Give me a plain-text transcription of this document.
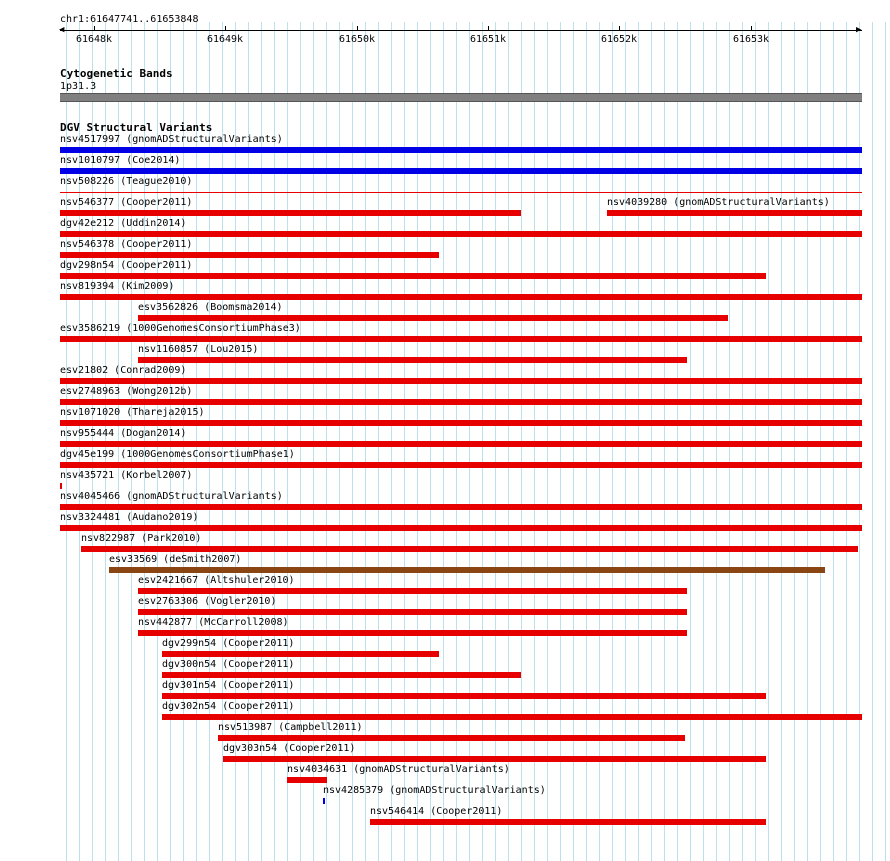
chr1:61647741..61653848
▶
61648k	61649k	61650k	61651k	61652k	61653k
Cytogenetic Bands
1p31.3
DGV Structural Variants
nsv4517997 (gnomADStructuralVariants)
nsv1010797 (Coe2014)
nsv508226 (Teague2010)
nsv546377 (Cooper2011)	nsv4039280 (gnomADStructuralVariants)
dgv42e212 (Uddin2014)
nsv546378 (Cooper2011)
dgv298n54 (Cooper2011)
nsv819394 (Kim2009)
esv3562826 (Boomsma2014)
esv3586219 (1000GenomesConsortiumPhase3)
nsv1160857 (Lou2015)
esv21802 (Conrad2009)
esv2748963 (Wong2012b)
nsv1071020 (Thareja2015)
nsv955444 (Dogan2014)
dgv45e199 (1000GenomesConsortiumPhase1)
nsv435721 (Korbel2007)
nsv4045466 (gnomADStructuralVariants)
nsv3324481 (Audano2019)
nsv822987 (Park2010)
esv33569 (deSmith2007)
esv2421667 (Altshuler2010)
esv2763306 (Vogler2010)
nsv442877 (McCarroll2008)
dgv299n54 (Cooper2011)
dgv300n54 (Cooper2011)
dgv301n54 (Cooper2011)
dgv302n54 (Cooper2011)
nsv513987 (Campbell2011)
dgv303n54 (Cooper2011)
nsv4034631 (gnomADStructuralVariants)
nsv4285379 (gnomADStructuralVariants)
nsv546414 (Cooper2011)
